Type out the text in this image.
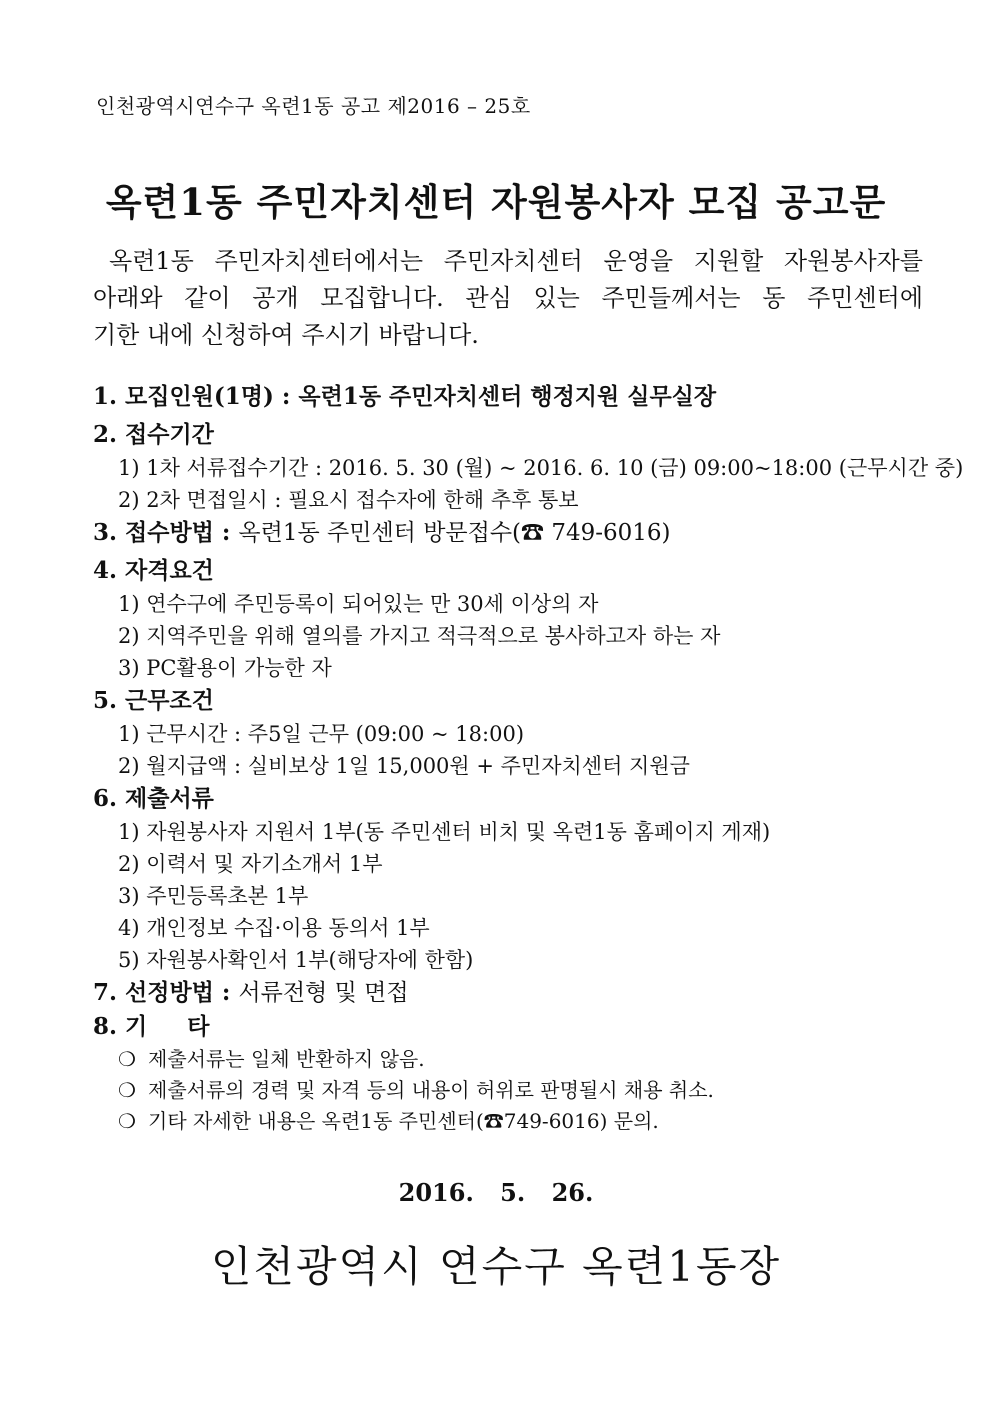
인천광역시연수구 옥련1동 공고 제2016 – 25호
옥련1동 주민자치센터 자원봉사자 모집 공고문
옥련1동 주민자치센터에서는 주민자치센터 운영을 지원할 자원봉사자를
아래와 같이 공개 모집합니다. 관심 있는 주민들께서는 동 주민센터에
기한 내에 신청하여 주시기 바랍니다.
1. 모집인원(1명) : 옥련1동 주민자치센터 행정지원 실무실장
2. 접수기간
1) 1차 서류접수기간 : 2016. 5. 30 (월) ~ 2016. 6. 10 (금) 09:00~18:00 (근무시간 중)
2) 2차 면접일시 : 필요시 접수자에 한해 추후 통보
3. 접수방법 : 옥련1동 주민센터 방문접수(☎ 749-6016)
4. 자격요건
1) 연수구에 주민등록이 되어있는 만 30세 이상의 자
2) 지역주민을 위해 열의를 가지고 적극적으로 봉사하고자 하는 자
3) PC활용이 가능한 자
5. 근무조건
1) 근무시간 : 주5일 근무 (09:00 ~ 18:00)
2) 월지급액 : 실비보상 1일 15,000원 + 주민자치센터 지원금
6. 제출서류
1) 자원봉사자 지원서 1부(동 주민센터 비치 및 옥련1동 홈페이지 게재)
2) 이력서 및 자기소개서 1부
3) 주민등록초본 1부
4) 개인정보 수집·이용 동의서 1부
5) 자원봉사확인서 1부(해당자에 한함)
7. 선정방법 : 서류전형 및 면접
8. 기     타
❍ 제출서류는 일체 반환하지 않음.
❍ 제출서류의 경력 및 자격 등의 내용이 허위로 판명될시 채용 취소.
❍ 기타 자세한 내용은 옥련1동 주민센터(☎749-6016) 문의.
2016. 5. 26.
인천광역시 연수구 옥련1동장
